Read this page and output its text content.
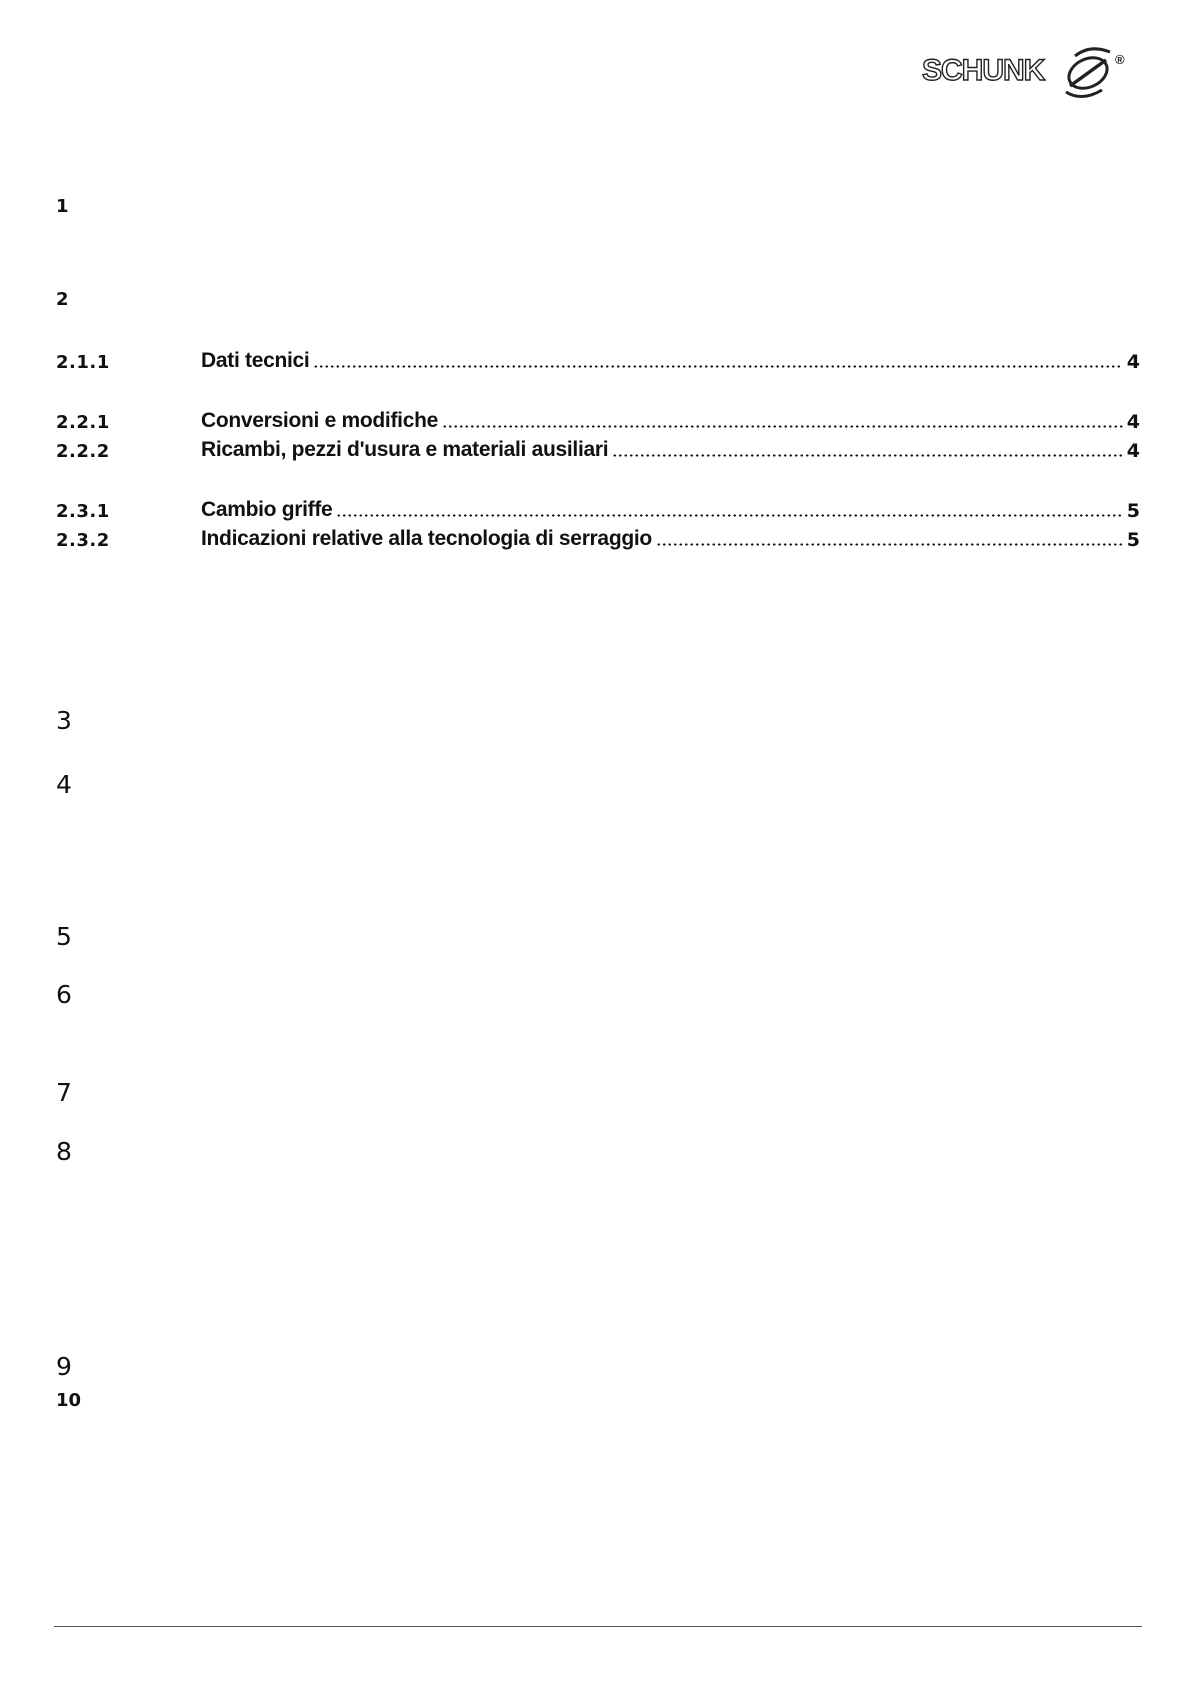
SCHUNK	®
1
2
2.1.1	Dati tecnici	4
2.2.1	Conversioni e modifiche	4
2.2.2	Ricambi, pezzi d'usura e materiali ausiliari	4
2.3.1	Cambio griffe	5
2.3.2	Indicazioni relative alla tecnologia di serraggio	5
3
4
5
6
7
8
9
10
